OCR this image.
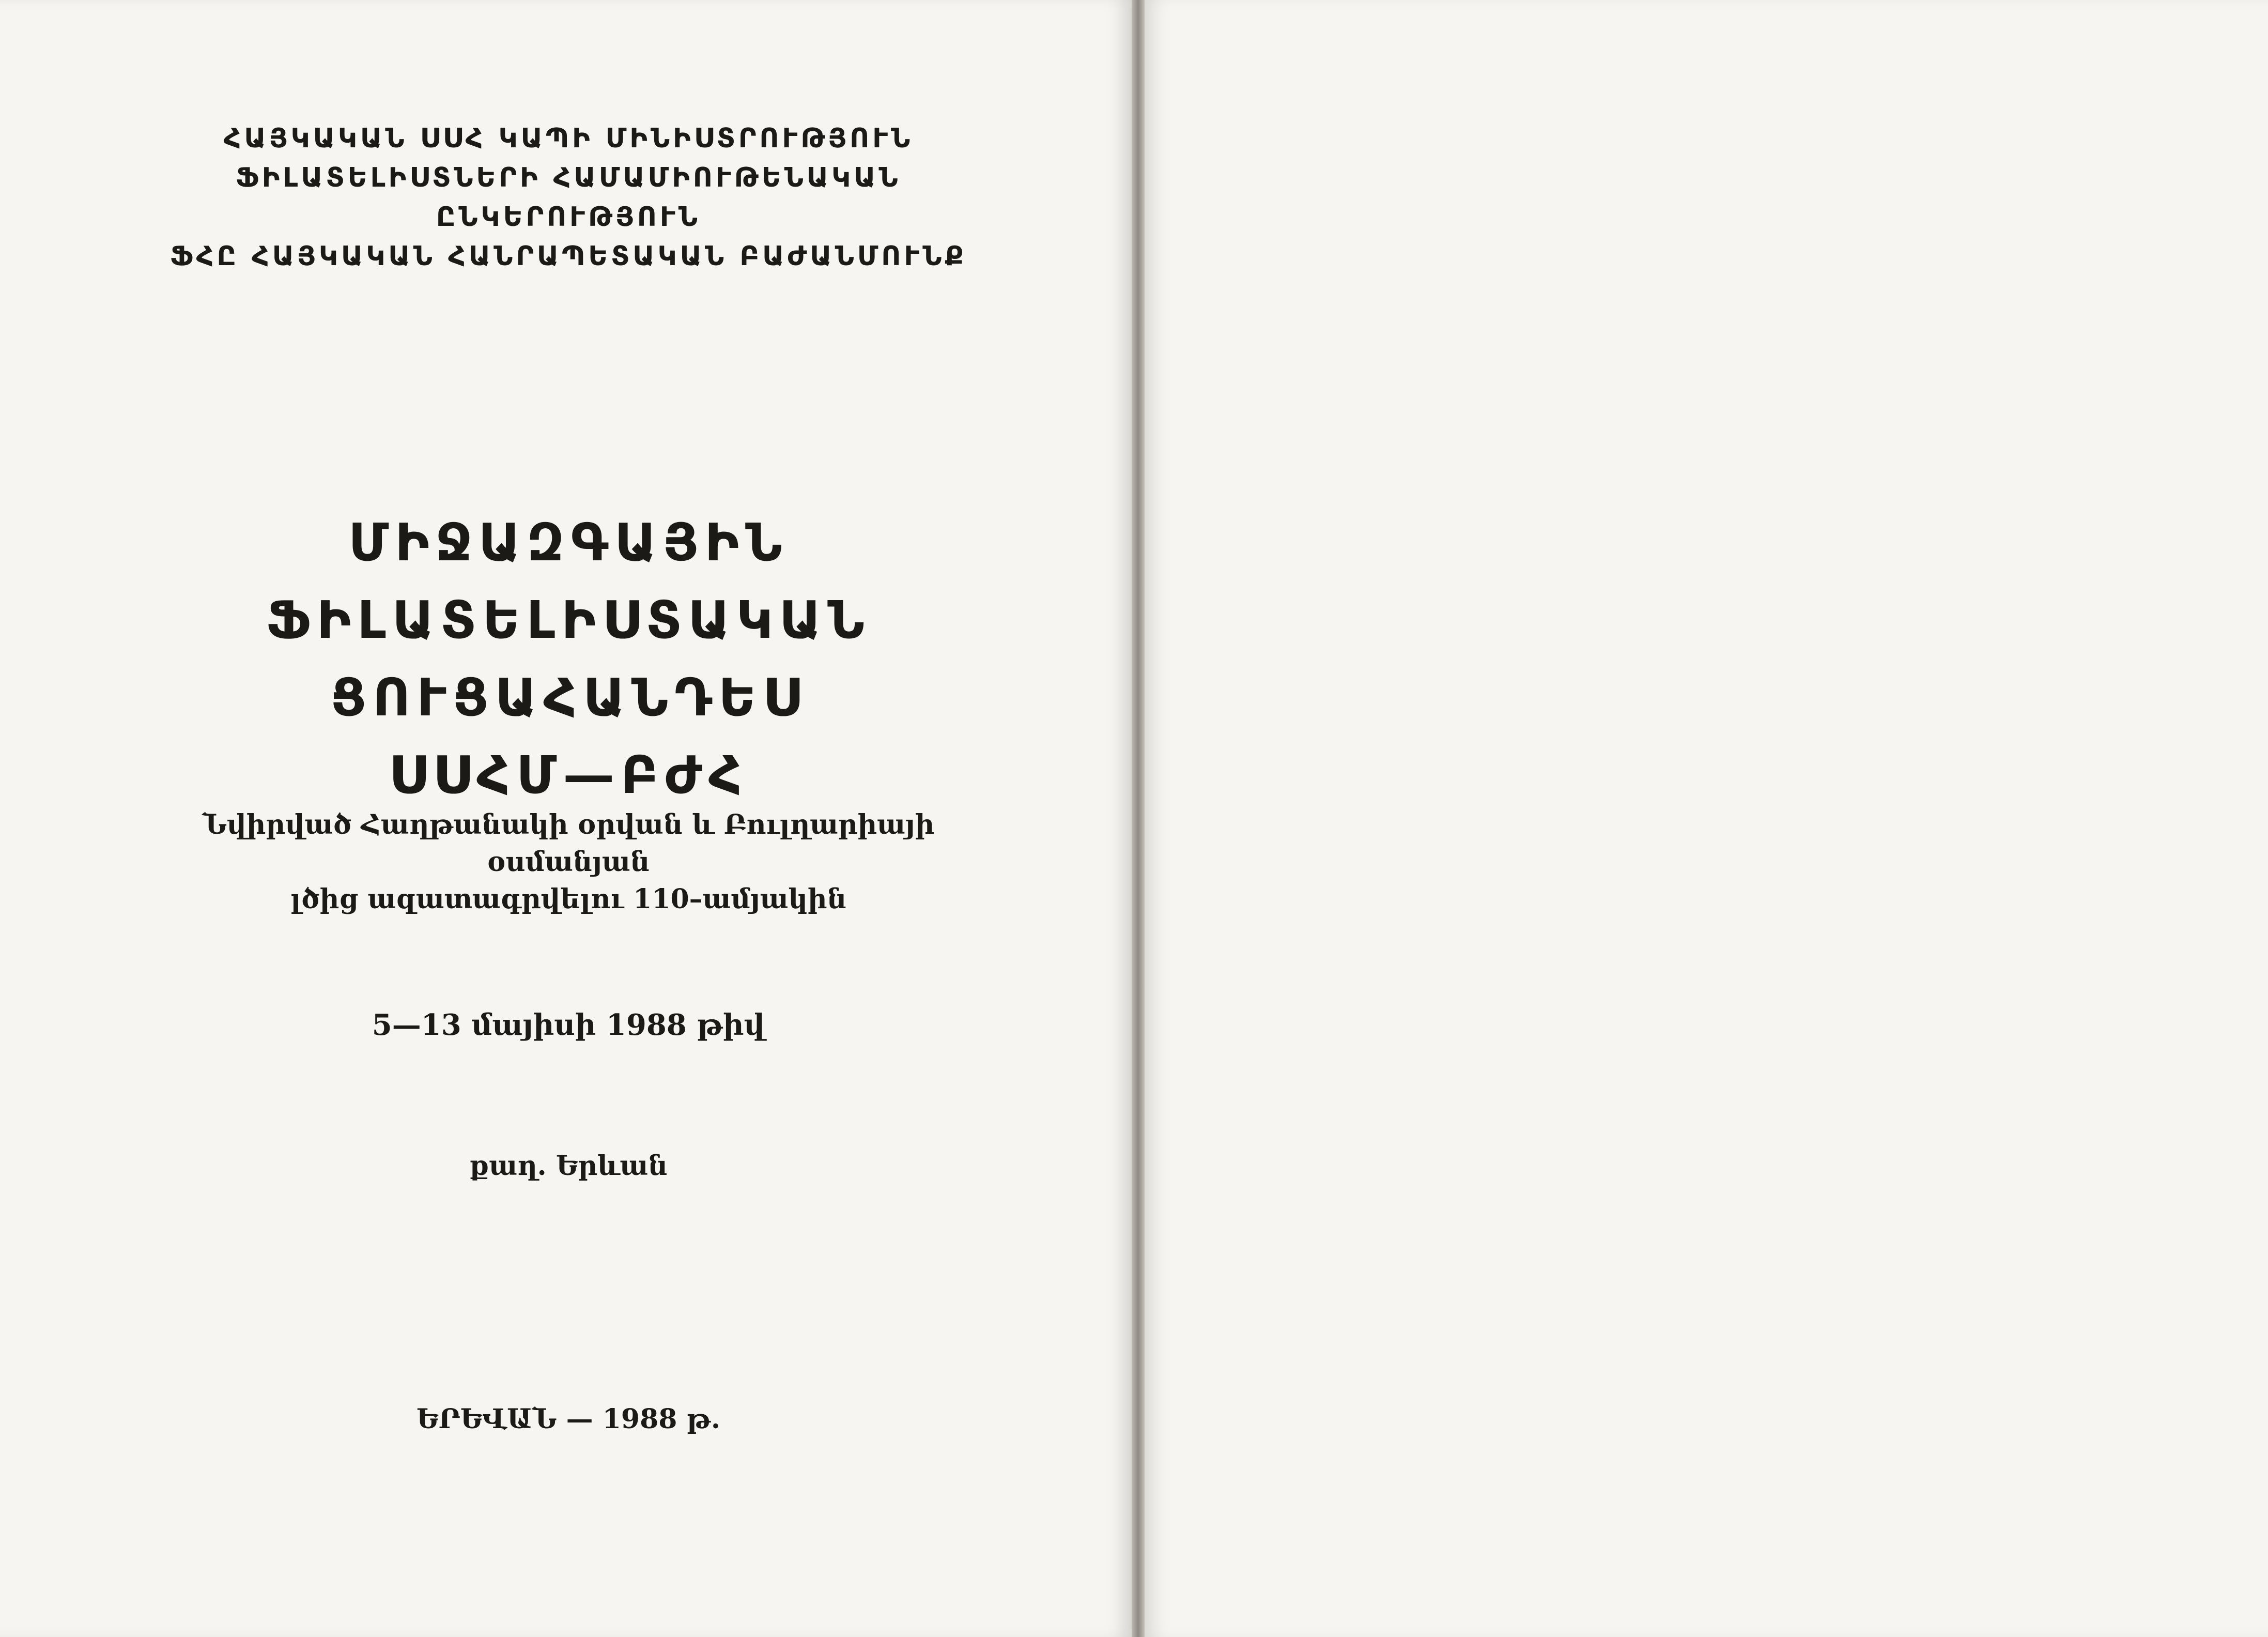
ՀԱՅԿԱԿԱՆ ՍՍՀ ԿԱՊԻ ՄԻՆԻՍՏՐՈՒԹՅՈՒՆ
ՖԻԼԱՏԵԼԻՍՏՆԵՐԻ ՀԱՄԱՄԻՈՒԹԵՆԱԿԱՆ ԸՆԿԵՐՈՒԹՅՈՒՆ
ՖՀԸ ՀԱՅԿԱԿԱՆ ՀԱՆՐԱՊԵՏԱԿԱՆ ԲԱԺԱՆՄՈՒՆՔ
ՄԻՋԱԶԳԱՅԻՆ
ՖԻԼԱՏԵԼԻՍՏԱԿԱՆ ՑՈՒՑԱՀԱՆԴԵՍ
ՍՍՀՄ—ԲԺՀ
Նվիրված Հաղթանակի օրվան և Բուլղարիայի օսմանյան
լծից ազատագրվելու 110–ամյակին
5—13 մայիսի 1988 թիվ
քաղ. Երևան
ԵՐԵՎԱՆ — 1988 թ.
